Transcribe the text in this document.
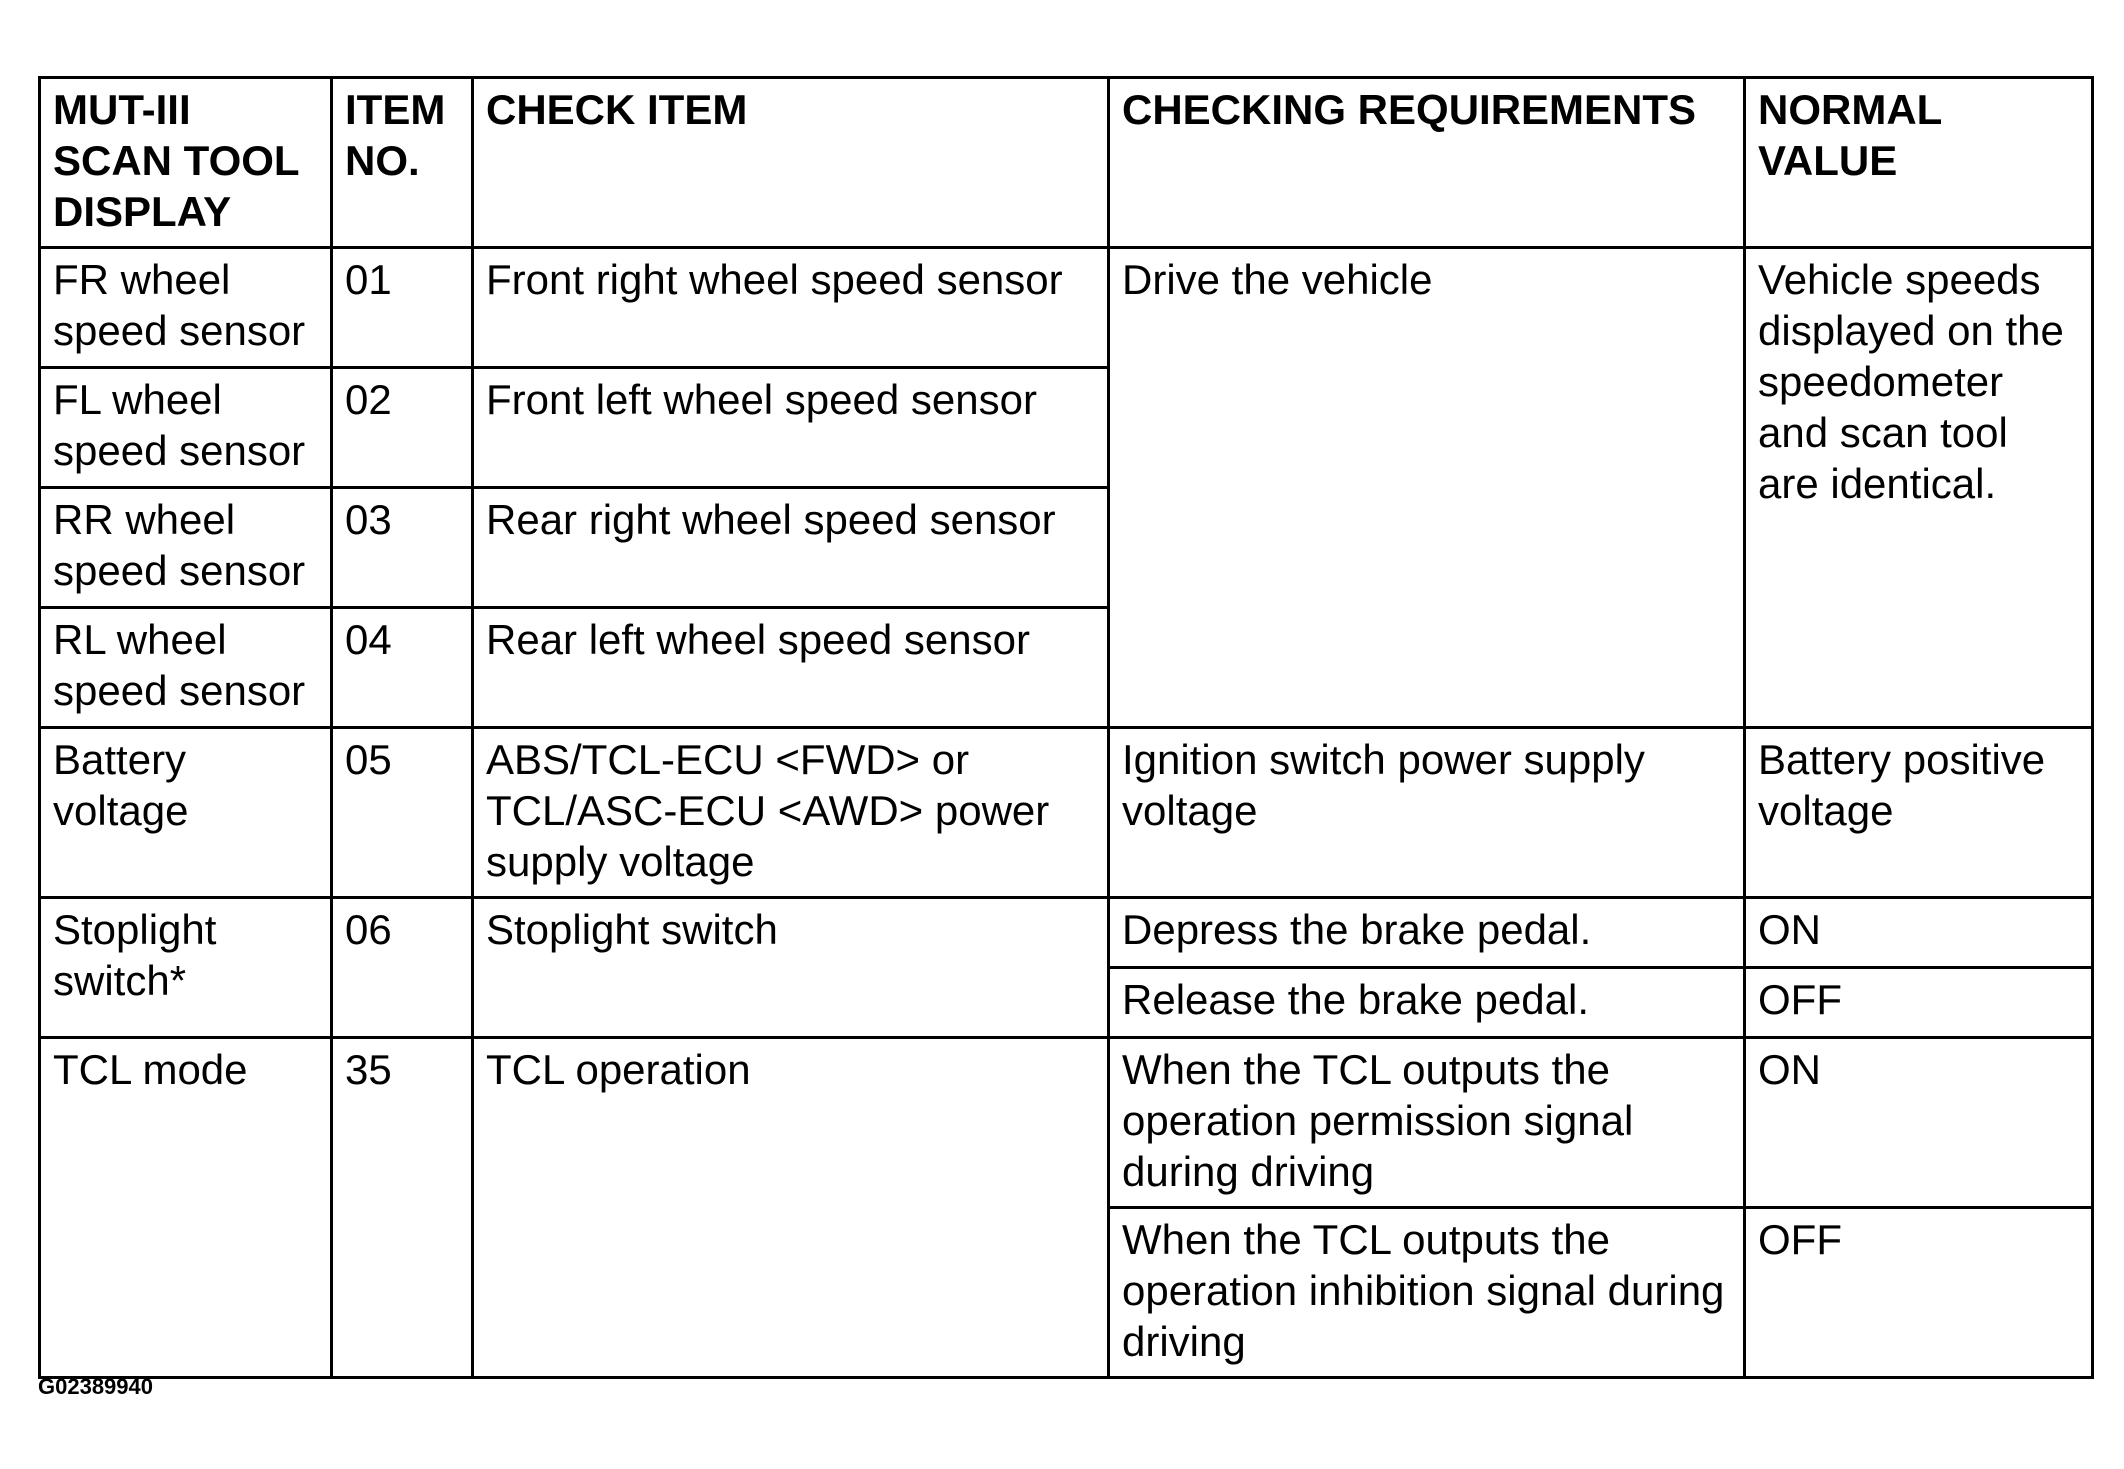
MUT-III SCAN TOOL DISPLAY	ITEM NO.	CHECK ITEM	CHECKING REQUIREMENTS	NORMAL VALUE
FR wheel speed sensor	01	Front right wheel speed sensor	Drive the vehicle	Vehicle speeds displayed on the speedometer and scan tool are identical.
FL wheel speed sensor	02	Front left wheel speed sensor		
RR wheel speed sensor	03	Rear right wheel speed sensor		
RL wheel speed sensor	04	Rear left wheel speed sensor		
Battery voltage	05	ABS/TCL-ECU <FWD> or TCL/ASC-ECU <AWD> power supply voltage	Ignition switch power supply voltage	Battery positive voltage
Stoplight switch*	06	Stoplight switch	Depress the brake pedal.	ON
			Release the brake pedal.	OFF
TCL mode	35	TCL operation	When the TCL outputs the operation permission signal during driving	ON
			When the TCL outputs the operation inhibition signal during driving	OFF
G02389940
